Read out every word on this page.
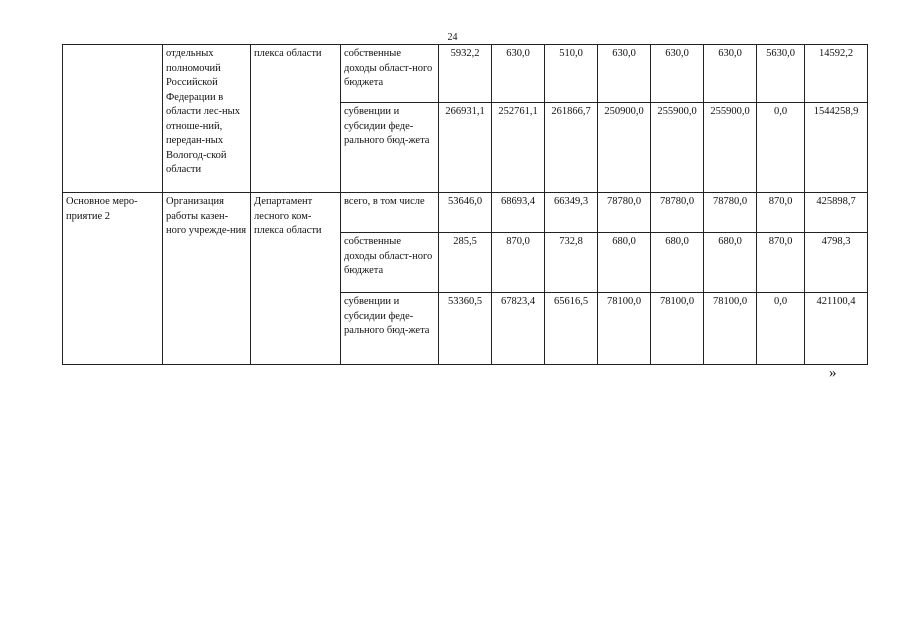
24
	отдельных полномочий Российской Федерации в области лес-ных отноше-ний, передан-ных Вологод-ской области	плекса области	собственные доходы област-ного бюджета	5932,2	630,0	510,0	630,0	630,0	630,0	5630,0	14592,2
			субвенции и субсидии феде-рального бюд-жета	266931,1	252761,1	261866,7	250900,0	255900,0	255900,0	0,0	1544258,9
Основное меро-приятие 2	Организация работы казен-ного учрежде-ния	Департамент лесного ком-плекса области	всего, в том числе	53646,0	68693,4	66349,3	78780,0	78780,0	78780,0	870,0	425898,7
			собственные доходы област-ного бюджета	285,5	870,0	732,8	680,0	680,0	680,0	870,0	4798,3
			субвенции и субсидии феде-рального бюд-жета	53360,5	67823,4	65616,5	78100,0	78100,0	78100,0	0,0	421100,4
»
